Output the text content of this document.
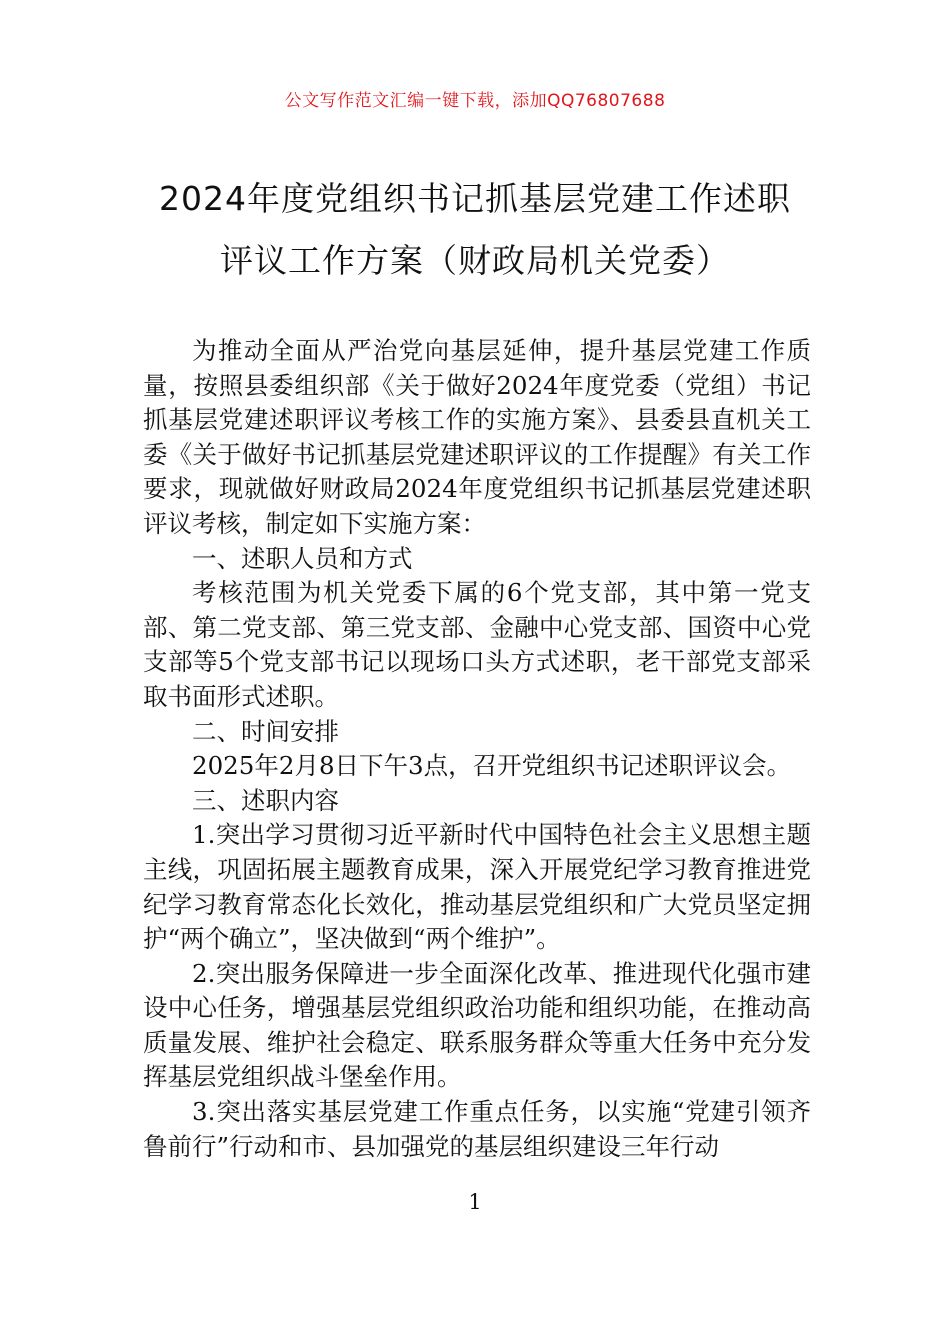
公文写作范文汇编一键下载，添加QQ76807688
2024年度党组织书记抓基层党建工作述职
评议工作方案（财政局机关党委）

为推动全面从严治党向基层延伸，提升基层党建工作质量，按照县委组织部《关于做好2024年度党委（党组）书记抓基层党建述职评议考核工作的实施方案》、县委县直机关工委《关于做好书记抓基层党建述职评议的工作提醒》有关工作要求，现就做好财政局2024年度党组织书记抓基层党建述职评议考核，制定如下实施方案：

一、述职人员和方式

考核范围为机关党委下属的6个党支部，其中第一党支部、第二党支部、第三党支部、金融中心党支部、国资中心党支部等5个党支部书记以现场口头方式述职，老干部党支部采取书面形式述职。

二、时间安排

2025年2月8日下午3点，召开党组织书记述职评议会。

三、述职内容

1.突出学习贯彻习近平新时代中国特色社会主义思想主题主线，巩固拓展主题教育成果，深入开展党纪学习教育推进党纪学习教育常态化长效化，推动基层党组织和广大党员坚定拥护“两个确立”，坚决做到“两个维护”。

2.突出服务保障进一步全面深化改革、推进现代化强市建设中心任务，增强基层党组织政治功能和组织功能，在推动高质量发展、维护社会稳定、联系服务群众等重大任务中充分发挥基层党组织战斗堡垒作用。

3.突出落实基层党建工作重点任务，以实施“党建引领齐鲁前行”行动和市、县加强党的基层组织建设三年行动

1
